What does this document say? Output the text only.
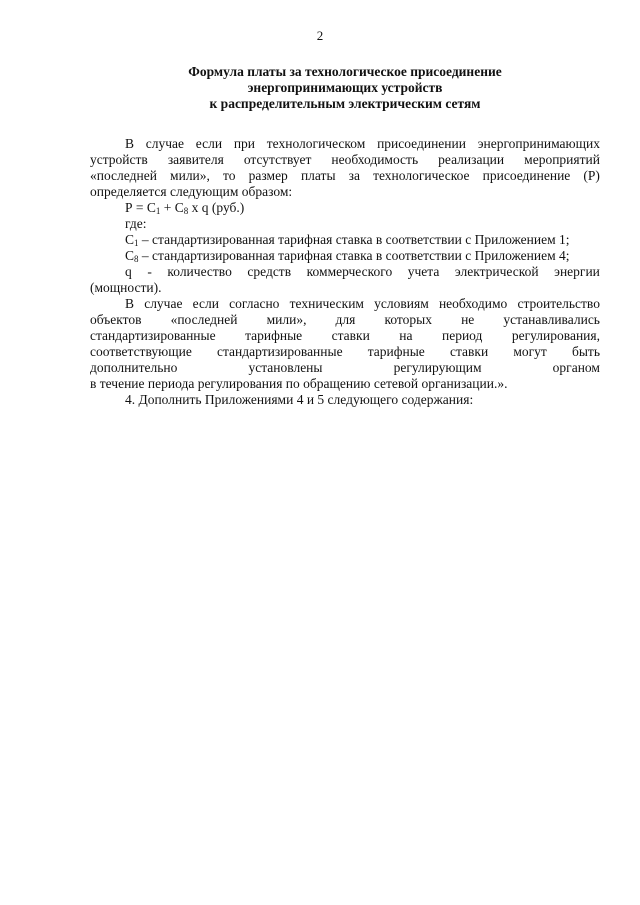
2
Формула платы за технологическое присоединение
энергопринимающих устройств
к распределительным электрическим сетям
В случае если при технологическом присоединении энергопринимающих
устройств заявителя отсутствует необходимость реализации мероприятий
«последней мили», то размер платы за технологическое присоединение (Р)
определяется следующим образом:
$Р = С_1 + С_8$ х q (руб.)
где:
$С_1$ – стандартизированная тарифная ставка в соответствии с Приложением 1;
$С_8$ – стандартизированная тарифная ставка в соответствии с Приложением 4;
q - количество средств коммерческого учета электрической энергии
(мощности).
В случае если согласно техническим условиям необходимо строительство
объектов «последней мили», для которых не устанавливались
стандартизированные тарифные ставки на период регулирования,
соответствующие стандартизированные тарифные ставки могут быть
дополнительно	установлены	регулирующим	органом
в течение периода регулирования по обращению сетевой организации.».
4. Дополнить Приложениями 4 и 5 следующего содержания:
